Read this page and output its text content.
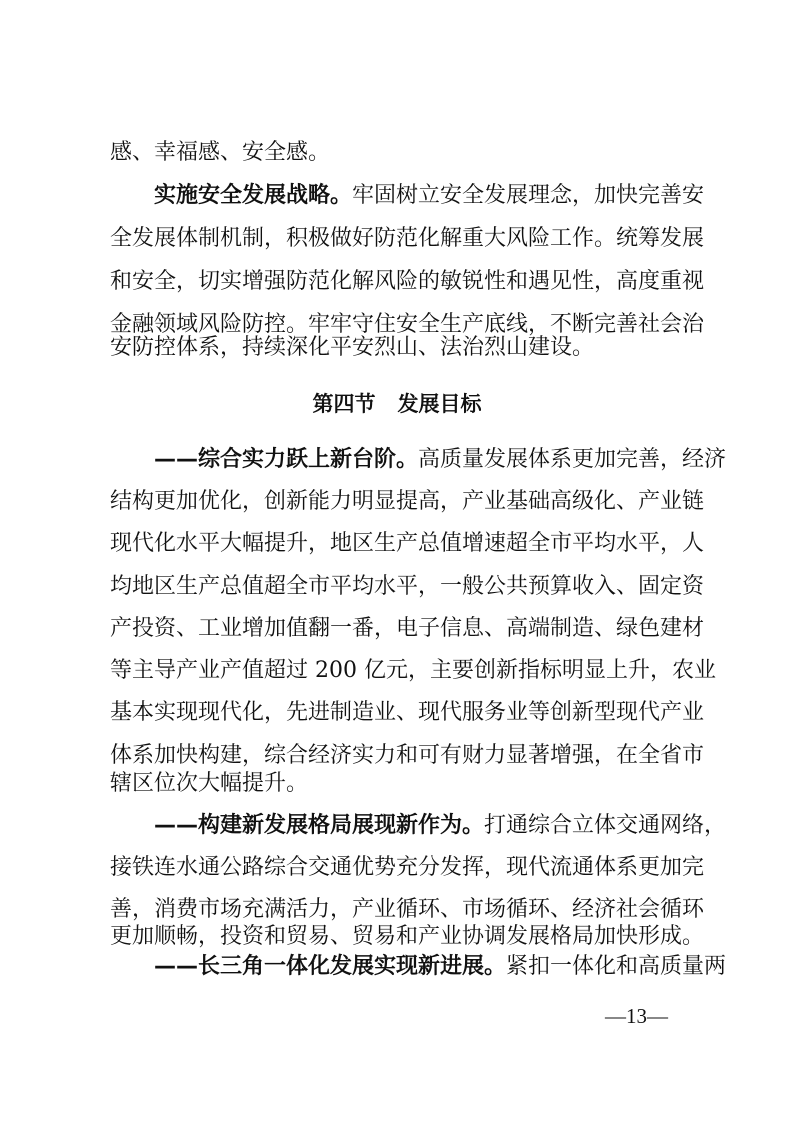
感、幸福感、安全感。
实施安全发展战略。牢固树立安全发展理念，加快完善安
全发展体制机制，积极做好防范化解重大风险工作。统筹发展
和安全，切实增强防范化解风险的敏锐性和遇见性，高度重视
金融领域风险防控。牢牢守住安全生产底线，不断完善社会治
安防控体系，持续深化平安烈山、法治烈山建设。
第四节 发展目标
——综合实力跃上新台阶。高质量发展体系更加完善，经济
结构更加优化，创新能力明显提高，产业基础高级化、产业链
现代化水平大幅提升，地区生产总值增速超全市平均水平，人
均地区生产总值超全市平均水平，一般公共预算收入、固定资
产投资、工业增加值翻一番，电子信息、高端制造、绿色建材
等主导产业产值超过 200 亿元，主要创新指标明显上升，农业
基本实现现代化，先进制造业、现代服务业等创新型现代产业
体系加快构建，综合经济实力和可有财力显著增强，在全省市
辖区位次大幅提升。
——构建新发展格局展现新作为。打通综合立体交通网络，
接铁连水通公路综合交通优势充分发挥，现代流通体系更加完
善，消费市场充满活力，产业循环、市场循环、经济社会循环
更加顺畅，投资和贸易、贸易和产业协调发展格局加快形成。
——长三角一体化发展实现新进展。紧扣一体化和高质量两
—13—
